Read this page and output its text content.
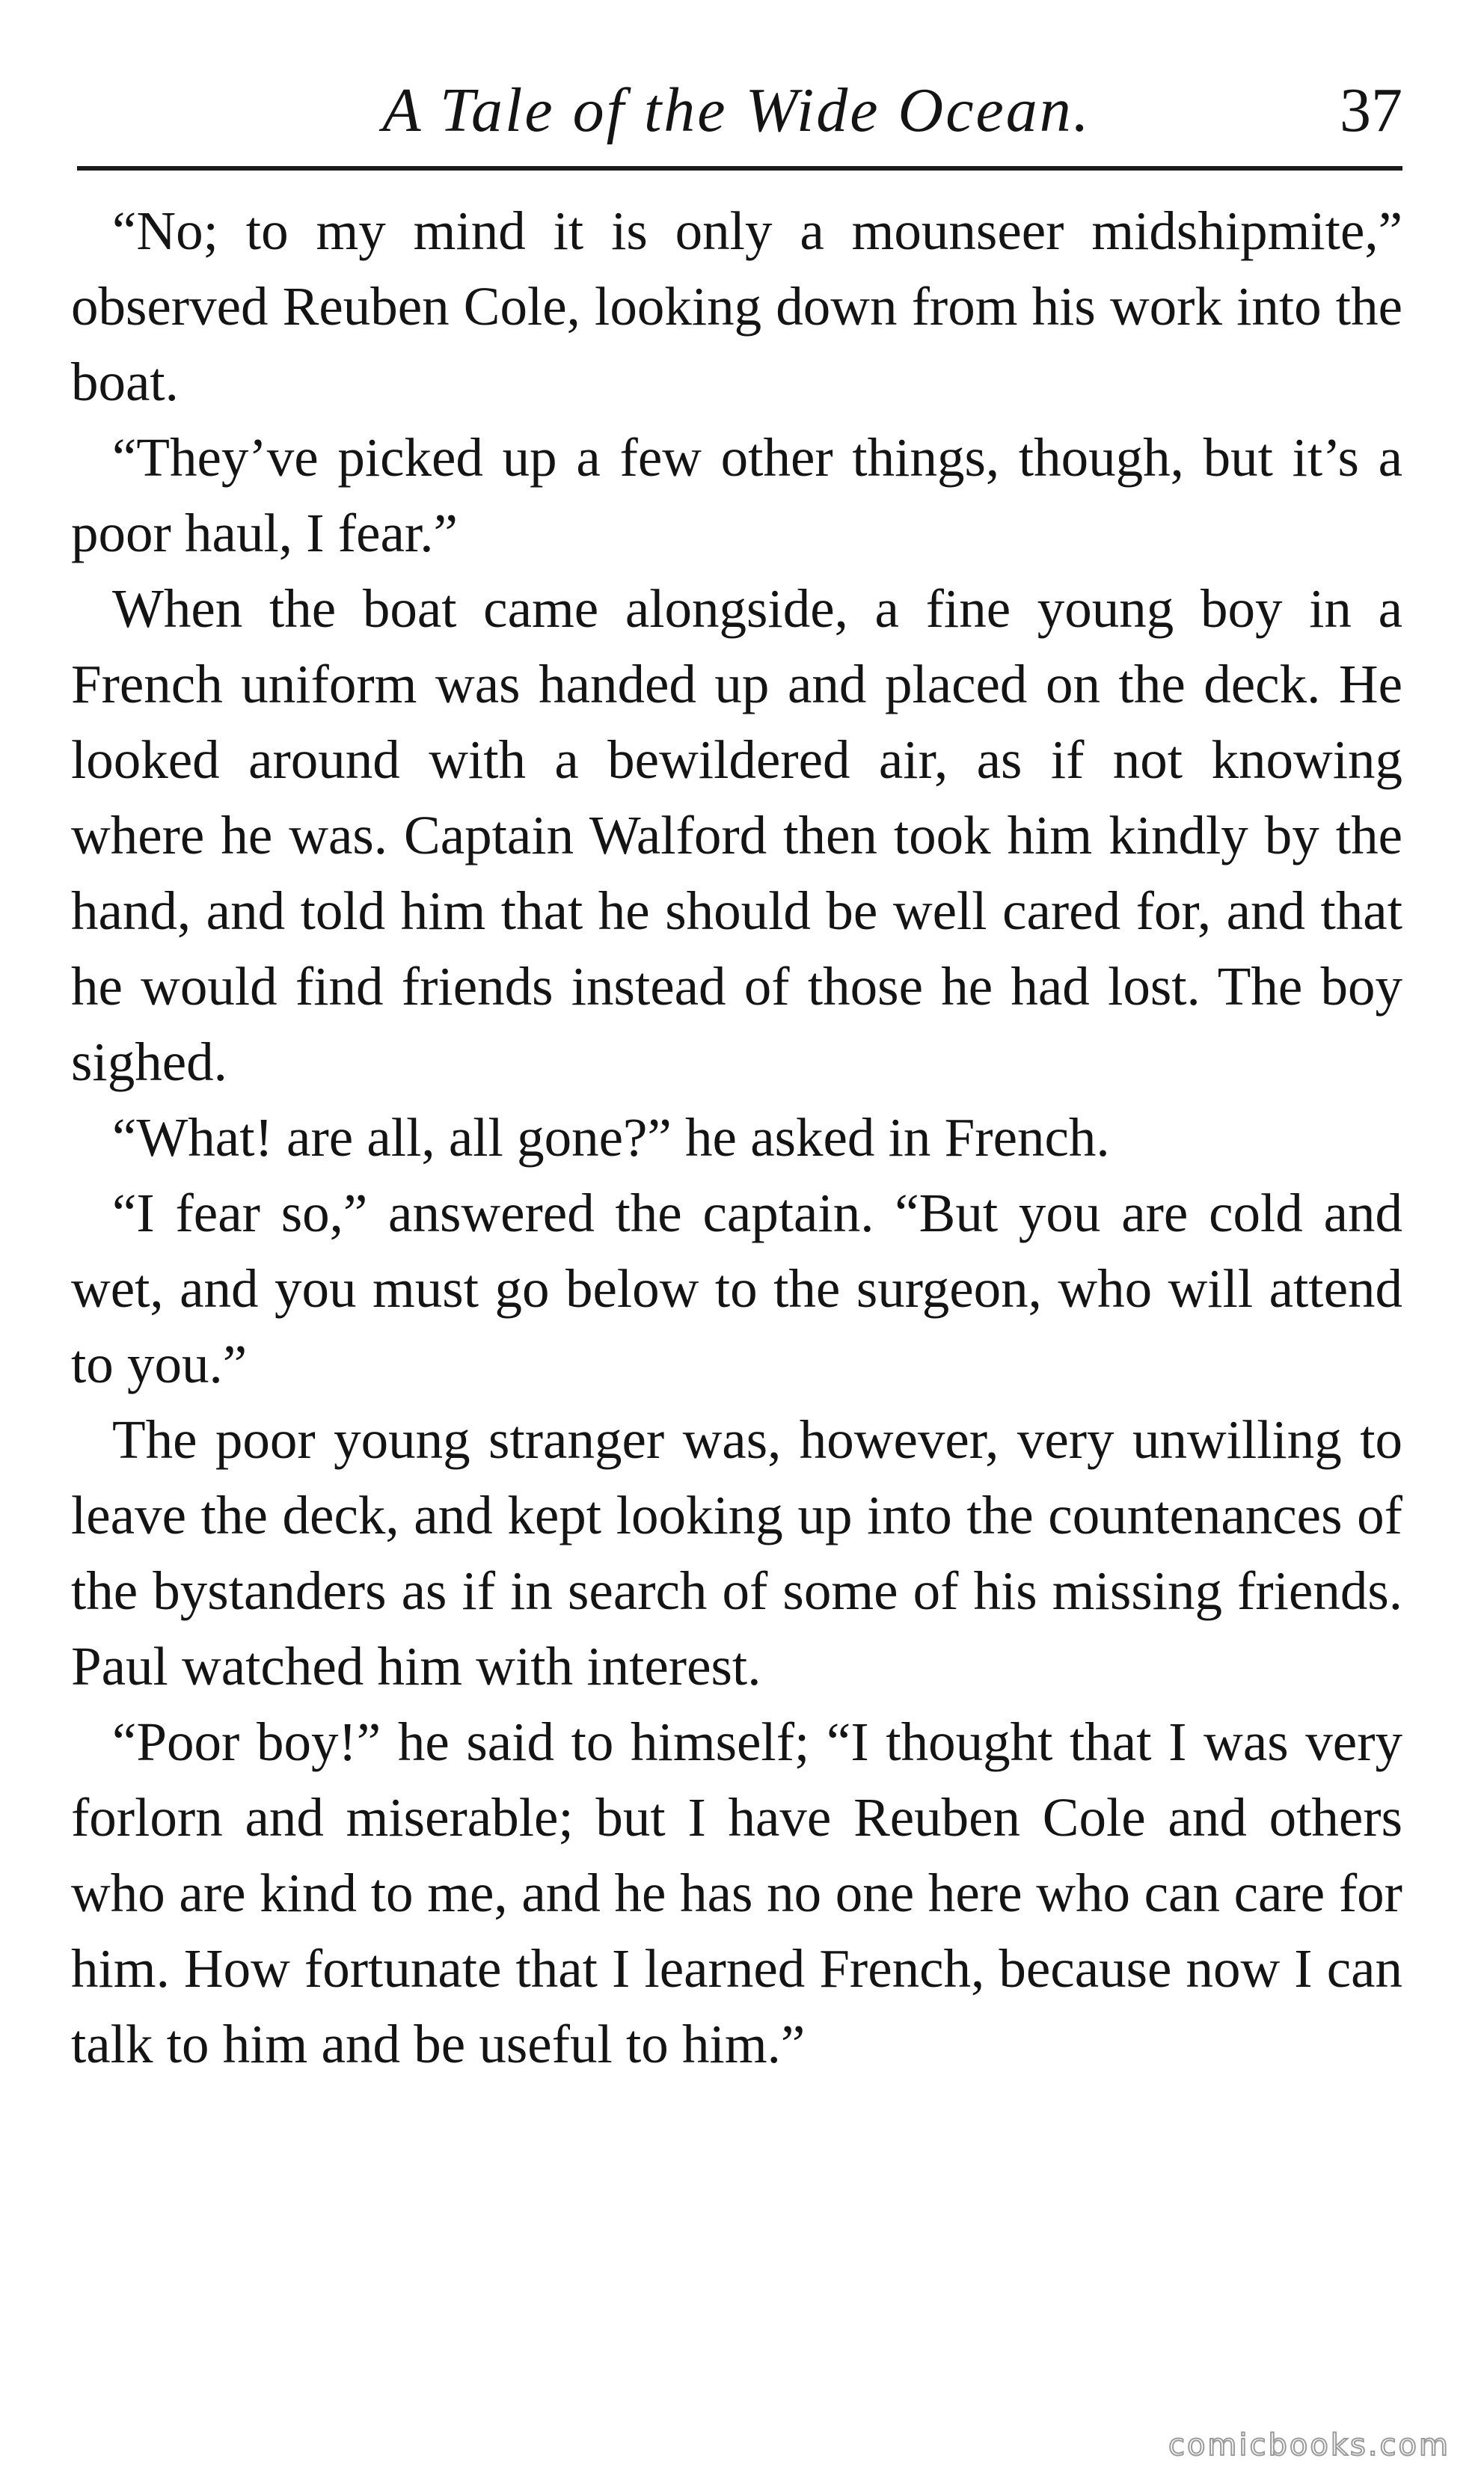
A Tale of the Wide Ocean.	37

“No; to my mind it is only a mounseer midshipmite,” observed Reuben Cole, looking down from his work into the boat.

“They’ve picked up a few other things, though, but it’s a poor haul, I fear.”

When the boat came alongside, a fine young boy in a French uniform was handed up and placed on the deck. He looked around with a bewildered air, as if not knowing where he was. Captain Walford then took him kindly by the hand, and told him that he should be well cared for, and that he would find friends instead of those he had lost. The boy sighed.

“What! are all, all gone?” he asked in French.

“I fear so,” answered the captain. “But you are cold and wet, and you must go below to the surgeon, who will attend to you.”

The poor young stranger was, however, very unwilling to leave the deck, and kept looking up into the countenances of the bystanders as if in search of some of his missing friends. Paul watched him with interest.

“Poor boy!” he said to himself; “I thought that I was very forlorn and miserable; but I have Reuben Cole and others who are kind to me, and he has no one here who can care for him. How fortunate that I learned French, because now I can talk to him and be useful to him.”

comicbooks.com
